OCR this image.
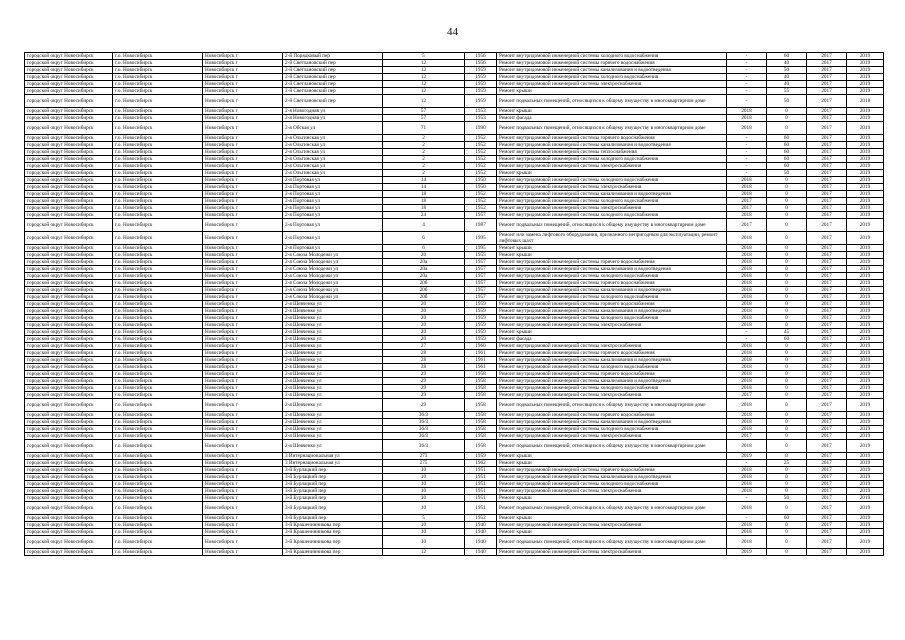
44
городской округ Новосибирск	г.о. Новосибирск	Новосибирск г	2-й Порядковый пер	5	1956	Ремонт внутридомовой инженерной системы холодного водоснабжения	-	60	2017	2019
городской округ Новосибирск	г.о. Новосибирск	Новосибирск г	2-й Светлановский пер	12	1956	Ремонт внутридомовой инженерной системы горячего водоснабжения	-	40	2017	2019
городской округ Новосибирск	г.о. Новосибирск	Новосибирск г	2-й Светлановский пер	12	1959	Ремонт внутридомовой инженерной системы канализования и водоотведения	-	50	2017	2019
городской округ Новосибирск	г.о. Новосибирск	Новосибирск г	2-й Светлановский пер	12	1959	Ремонт внутридомовой инженерной системы холодного водоснабжения	-	40	2017	2019
городской округ Новосибирск	г.о. Новосибирск	Новосибирск г	2-й Светлановский пер	12	1959	Ремонт внутридомовой инженерной системы электроснабжения	-	40	2017	2019
городской округ Новосибирск	г.о. Новосибирск	Новосибирск г	2-й Светлановский пер	12	1959	Ремонт крыши	-	55	2017	2019
городской округ Новосибирск	г.о. Новосибирск	Новосибирск г	2-й Светлановский пер	12	1959	Ремонт подвальных помещений, относящихся к общему имуществу в многоквартирном доме	-	50	2017	2018
городской округ Новосибирск	г.о. Новосибирск	Новосибирск г	2-я Новогодняя ул	57	1953	Ремонт крыши	2018	0	2017	2019
городской округ Новосибирск	г.о. Новосибирск	Новосибирск г	2-я Новогодняя ул	57	1953	Ремонт фасада	2018	0	2017	2019
городской округ Новосибирск	г.о. Новосибирск	Новосибирск г	2-я Обская ул	71	1990	Ремонт подвальных помещений, относящихся к общему имуществу в многоквартирном доме	2018	0	2017	2019
городской округ Новосибирск	г.о. Новосибирск	Новосибирск г	2-я Ольгинская ул	2	1952	Ремонт внутридомовой инженерной системы горячего водоснабжения	-	60	2017	2019
городской округ Новосибирск	г.о. Новосибирск	Новосибирск г	2-я Ольгинская ул	2	1952	Ремонт внутридомовой инженерной системы канализования и водоотведения	-	60	2017	2019
городской округ Новосибирск	г.о. Новосибирск	Новосибирск г	2-я Ольгинская ул	2	1952	Ремонт внутридомовой инженерной системы теплоснабжения	-	60	2017	2019
городской округ Новосибирск	г.о. Новосибирск	Новосибирск г	2-я Ольгинская ул	2	1952	Ремонт внутридомовой инженерной системы холодного водоснабжения	-	60	2017	2019
городской округ Новосибирск	г.о. Новосибирск	Новосибирск г	2-я Ольгинская ул	2	1952	Ремонт внутридомовой инженерной системы электроснабжения	-	60	2017	2019
городской округ Новосибирск	г.о. Новосибирск	Новосибирск г	2-я Ольгинская ул	2	1952	Ремонт крыши	-	50	2017	2019
городской округ Новосибирск	г.о. Новосибирск	Новосибирск г	2-я Портовая ул	14	1950	Ремонт внутридомовой инженерной системы холодного водоснабжения	2018	0	2017	2019
городской округ Новосибирск	г.о. Новосибирск	Новосибирск г	2-я Портовая ул	14	1950	Ремонт внутридомовой инженерной системы электроснабжения	2018	0	2017	2019
городской округ Новосибирск	г.о. Новосибирск	Новосибирск г	2-я Портовая ул	18	1952	Ремонт внутридомовой инженерной системы канализования и водоотведения	2018	0	2017	2019
городской округ Новосибирск	г.о. Новосибирск	Новосибирск г	2-я Портовая ул	18	1952	Ремонт внутридомовой инженерной системы холодного водоснабжения	2017	0	2017	2019
городской округ Новосибирск	г.о. Новосибирск	Новосибирск г	2-я Портовая ул	18	1952	Ремонт внутридомовой инженерной системы электроснабжения	2017	0	2017	2019
городской округ Новосибирск	г.о. Новосибирск	Новосибирск г	2-я Портовая ул	24	1957	Ремонт внутридомовой инженерной системы холодного водоснабжения	2018	0	2017	2019
городской округ Новосибирск	г.о. Новосибирск	Новосибирск г	2-я Портовая ул	4	1987	Ремонт подвальных помещений, относящихся к общему имуществу в многоквартирном доме	2017	0	2017	2019
городской округ Новосибирск	г.о. Новосибирск	Новосибирск г	2-я Портовая ул	6	1995	Ремонт или замена лифтового оборудования, признанного непригодным для эксплуатации, ремонт лифтовых шахт	2018	0	2017	2019
городской округ Новосибирск	г.о. Новосибирск	Новосибирск г	2-я Портовая ул	6	1995	Ремонт крыши	2018	0	2017	2019
городской округ Новосибирск	г.о. Новосибирск	Новосибирск г	2-я Союза Молодежи ул	20	1955	Ремонт крыши	2018	0	2017	2019
городской округ Новосибирск	г.о. Новосибирск	Новосибирск г	2-я Союза Молодежи ул	20а	1957	Ремонт внутридомовой инженерной системы горячего водоснабжения	2018	0	2017	2019
городской округ Новосибирск	г.о. Новосибирск	Новосибирск г	2-я Союза Молодежи ул	20а	1957	Ремонт внутридомовой инженерной системы канализования и водоотведения	2018	0	2017	2019
городской округ Новосибирск	г.о. Новосибирск	Новосибирск г	2-я Союза Молодежи ул	20а	1957	Ремонт внутридомовой инженерной системы холодного водоснабжения	2018	0	2017	2019
городской округ Новосибирск	г.о. Новосибирск	Новосибирск г	2-я Союза Молодежи ул	20б	1957	Ремонт внутридомовой инженерной системы горячего водоснабжения	2018	0	2017	2019
городской округ Новосибирск	г.о. Новосибирск	Новосибирск г	2-я Союза Молодежи ул	20б	1957	Ремонт внутридомовой инженерной системы канализования и водоотведения	2018	0	2017	2019
городской округ Новосибирск	г.о. Новосибирск	Новосибирск г	2-я Союза Молодежи ул	20б	1957	Ремонт внутридомовой инженерной системы холодного водоснабжения	2018	0	2017	2019
городской округ Новосибирск	г.о. Новосибирск	Новосибирск г	2-я Шевченко ул	20	1959	Ремонт внутридомовой инженерной системы горячего водоснабжения	2018	0	2017	2019
городской округ Новосибирск	г.о. Новосибирск	Новосибирск г	2-я Шевченко ул	20	1959	Ремонт внутридомовой инженерной системы канализования и водоотведения	2018	0	2017	2019
городской округ Новосибирск	г.о. Новосибирск	Новосибирск г	2-я Шевченко ул	20	1959	Ремонт внутридомовой инженерной системы холодного водоснабжения	2018	0	2017	2019
городской округ Новосибирск	г.о. Новосибирск	Новосибирск г	2-я Шевченко ул	20	1959	Ремонт внутридомовой инженерной системы электроснабжения	2018	0	2017	2019
городской округ Новосибирск	г.о. Новосибирск	Новосибирск г	2-я Шевченко ул	20	1959	Ремонт крыши	-	45	2017	2019
городской округ Новосибирск	г.о. Новосибирск	Новосибирск г	2-я Шевченко ул	20	1959	Ремонт фасада	-	60	2017	2019
городской округ Новосибирск	г.о. Новосибирск	Новосибирск г	2-я Шевченко ул	27	1960	Ремонт внутридомовой инженерной системы электроснабжения	2018	0	2017	2019
городской округ Новосибирск	г.о. Новосибирск	Новосибирск г	2-я Шевченко ул	28	1961	Ремонт внутридомовой инженерной системы горячего водоснабжения	2018	0	2017	2019
городской округ Новосибирск	г.о. Новосибирск	Новосибирск г	2-я Шевченко ул	28	1961	Ремонт внутридомовой инженерной системы канализования и водоотведения	2018	0	2017	2019
городской округ Новосибирск	г.о. Новосибирск	Новосибирск г	2-я Шевченко ул	28	1961	Ремонт внутридомовой инженерной системы холодного водоснабжения	2018	0	2017	2019
городской округ Новосибирск	г.о. Новосибирск	Новосибирск г	2-я Шевченко ул	29	1958	Ремонт внутридомовой инженерной системы горячего водоснабжения	2018	0	2017	2019
городской округ Новосибирск	г.о. Новосибирск	Новосибирск г	2-я Шевченко ул	29	1958	Ремонт внутридомовой инженерной системы канализования и водоотведения	2018	0	2017	2019
городской округ Новосибирск	г.о. Новосибирск	Новосибирск г	2-я Шевченко ул	29	1958	Ремонт внутридомовой инженерной системы холодного водоснабжения	2018	0	2017	2019
городской округ Новосибирск	г.о. Новосибирск	Новосибирск г	2-я Шевченко ул	29	1958	Ремонт внутридомовой инженерной системы электроснабжения	2017	0	2017	2019
городской округ Новосибирск	г.о. Новосибирск	Новосибирск г	2-я Шевченко ул	29	1958	Ремонт подвальных помещений, относящихся к общему имуществу в многоквартирном доме	2018	0	2017	2019
городской округ Новосибирск	г.о. Новосибирск	Новосибирск г	2-я Шевченко ул	36/3	1958	Ремонт внутридомовой инженерной системы горячего водоснабжения	2018	0	2017	2019
городской округ Новосибирск	г.о. Новосибирск	Новосибирск г	2-я Шевченко ул	36/3	1958	Ремонт внутридомовой инженерной системы канализования и водоотведения	2018	0	2017	2019
городской округ Новосибирск	г.о. Новосибирск	Новосибирск г	2-я Шевченко ул	36/3	1958	Ремонт внутридомовой инженерной системы холодного водоснабжения	2018	0	2017	2019
городской округ Новосибирск	г.о. Новосибирск	Новосибирск г	2-я Шевченко ул	36/3	1958	Ремонт внутридомовой инженерной системы электроснабжения	2017	0	2017	2019
городской округ Новосибирск	г.о. Новосибирск	Новосибирск г	2-я Шевченко ул	36/3	1958	Ремонт подвальных помещений, относящихся к общему имуществу в многоквартирном доме	2018	0	2017	2019
городской округ Новосибирск	г.о. Новосибирск	Новосибирск г	3 Интернациональная ул	273	1959	Ремонт крыши	2019	0	2017	2019
городской округ Новосибирск	г.о. Новосибирск	Новосибирск г	3 Интернациональная ул	275	1962	Ремонт крыши	-	25	2017	2019
городской округ Новосибирск	г.о. Новосибирск	Новосибирск г	3-й Бурлацкий пер	10	1951	Ремонт внутридомовой инженерной системы горячего водоснабжения	2018	0	2017	2019
городской округ Новосибирск	г.о. Новосибирск	Новосибирск г	3-й Бурлацкий пер	10	1951	Ремонт внутридомовой инженерной системы канализования и водоотведения	2018	0	2017	2019
городской округ Новосибирск	г.о. Новосибирск	Новосибирск г	3-й Бурлацкий пер	10	1951	Ремонт внутридомовой инженерной системы холодного водоснабжения	2018	0	2017	2019
городской округ Новосибирск	г.о. Новосибирск	Новосибирск г	3-й Бурлацкий пер	10	1951	Ремонт внутридомовой инженерной системы электроснабжения	2018	0	2017	2019
городской округ Новосибирск	г.о. Новосибирск	Новосибирск г	3-й Бурлацкий пер	10	1951	Ремонт крыши	-	50	2017	2019
городской округ Новосибирск	г.о. Новосибирск	Новосибирск г	3-й Бурлацкий пер	10	1951	Ремонт подвальных помещений, относящихся к общему имуществу в многоквартирном доме	2018	0	2017	2019
городской округ Новосибирск	г.о. Новосибирск	Новосибирск г	3-й Бурлацкий пер	5	1952	Ремонт крыши	-	60	2017	2019
городской округ Новосибирск	г.о. Новосибирск	Новосибирск г	3-й Крашенинникова пер	10	1940	Ремонт внутридомовой инженерной системы электроснабжения	2018	0	2017	2019
городской округ Новосибирск	г.о. Новосибирск	Новосибирск г	3-й Крашенинникова пер	10	1940	Ремонт крыши	2018	0	2017	2019
городской округ Новосибирск	г.о. Новосибирск	Новосибирск г	3-й Крашенинникова пер	10	1940	Ремонт подвальных помещений, относящихся к общему имуществу в многоквартирном доме	2018	0	2017	2019
городской округ Новосибирск	г.о. Новосибирск	Новосибирск г	3-й Крашенинникова пер	12	1940	Ремонт внутридомовой инженерной системы электроснабжения	2019	0	2017	2019
